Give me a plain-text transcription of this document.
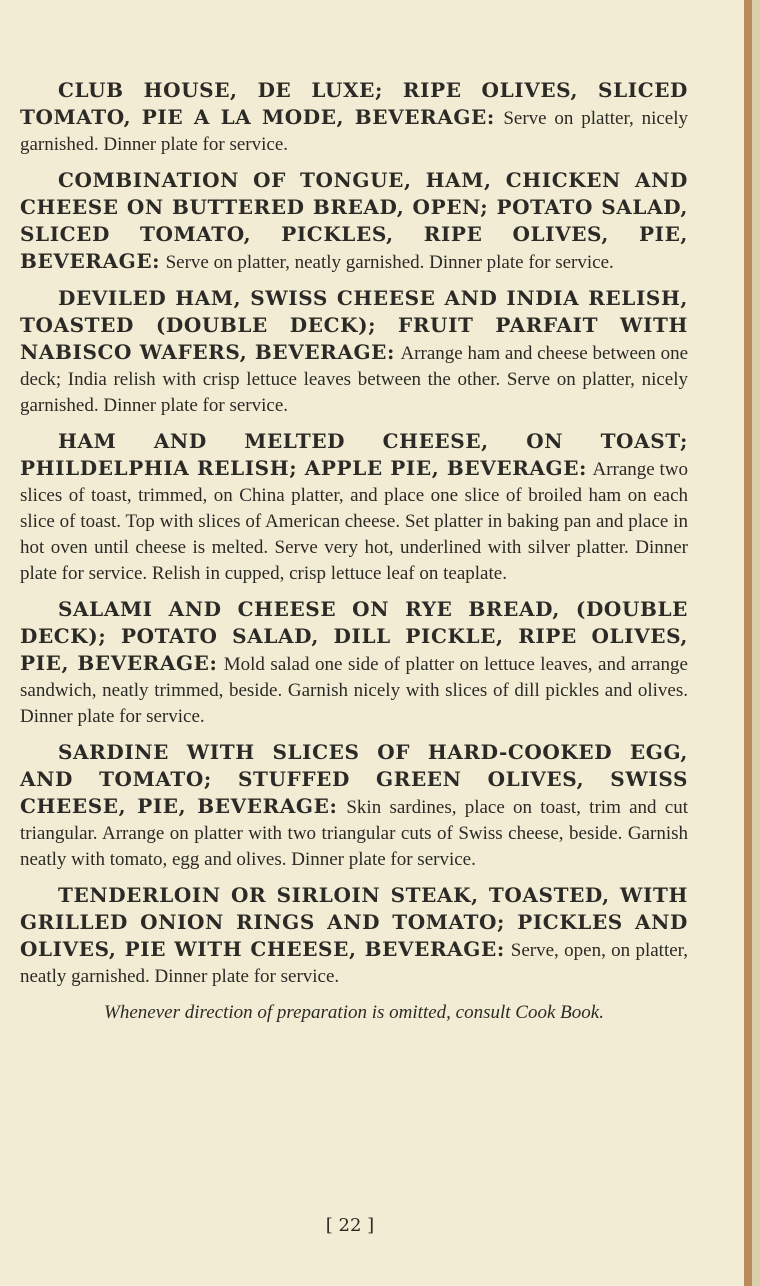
CLUB HOUSE, DE LUXE; RIPE OLIVES, SLICED TOMATO, PIE A LA MODE, BEVERAGE: Serve on platter, nicely garnished. Dinner plate for service.

COMBINATION OF TONGUE, HAM, CHICKEN AND CHEESE ON BUTTERED BREAD, OPEN; POTATO SALAD, SLICED TOMATO, PICKLES, RIPE OLIVES, PIE, BEVERAGE: Serve on platter, neatly garnished. Dinner plate for service.

DEVILED HAM, SWISS CHEESE AND INDIA RELISH, TOASTED (DOUBLE DECK); FRUIT PARFAIT WITH NABISCO WAFERS, BEVERAGE: Arrange ham and cheese between one deck; India relish with crisp lettuce leaves between the other. Serve on platter, nicely garnished. Dinner plate for service.

HAM AND MELTED CHEESE, ON TOAST; PHILDELPHIA RELISH; APPLE PIE, BEVERAGE: Arrange two slices of toast, trimmed, on China platter, and place one slice of broiled ham on each slice of toast. Top with slices of American cheese. Set platter in baking pan and place in hot oven until cheese is melted. Serve very hot, underlined with silver platter. Dinner plate for service. Relish in cupped, crisp lettuce leaf on teaplate.

SALAMI AND CHEESE ON RYE BREAD, (DOUBLE DECK); POTATO SALAD, DILL PICKLE, RIPE OLIVES, PIE, BEVERAGE: Mold salad one side of platter on lettuce leaves, and arrange sandwich, neatly trimmed, beside. Garnish nicely with slices of dill pickles and olives. Dinner plate for service.

SARDINE WITH SLICES OF HARD-COOKED EGG, AND TOMATO; STUFFED GREEN OLIVES, SWISS CHEESE, PIE, BEVERAGE: Skin sardines, place on toast, trim and cut triangular. Arrange on platter with two triangular cuts of Swiss cheese, beside. Garnish neatly with tomato, egg and olives. Dinner plate for service.

TENDERLOIN OR SIRLOIN STEAK, TOASTED, WITH GRILLED ONION RINGS AND TOMATO; PICKLES AND OLIVES, PIE WITH CHEESE, BEVERAGE: Serve, open, on platter, neatly garnished. Dinner plate for service.

Whenever direction of preparation is omitted, consult Cook Book.
[ 22 ]
